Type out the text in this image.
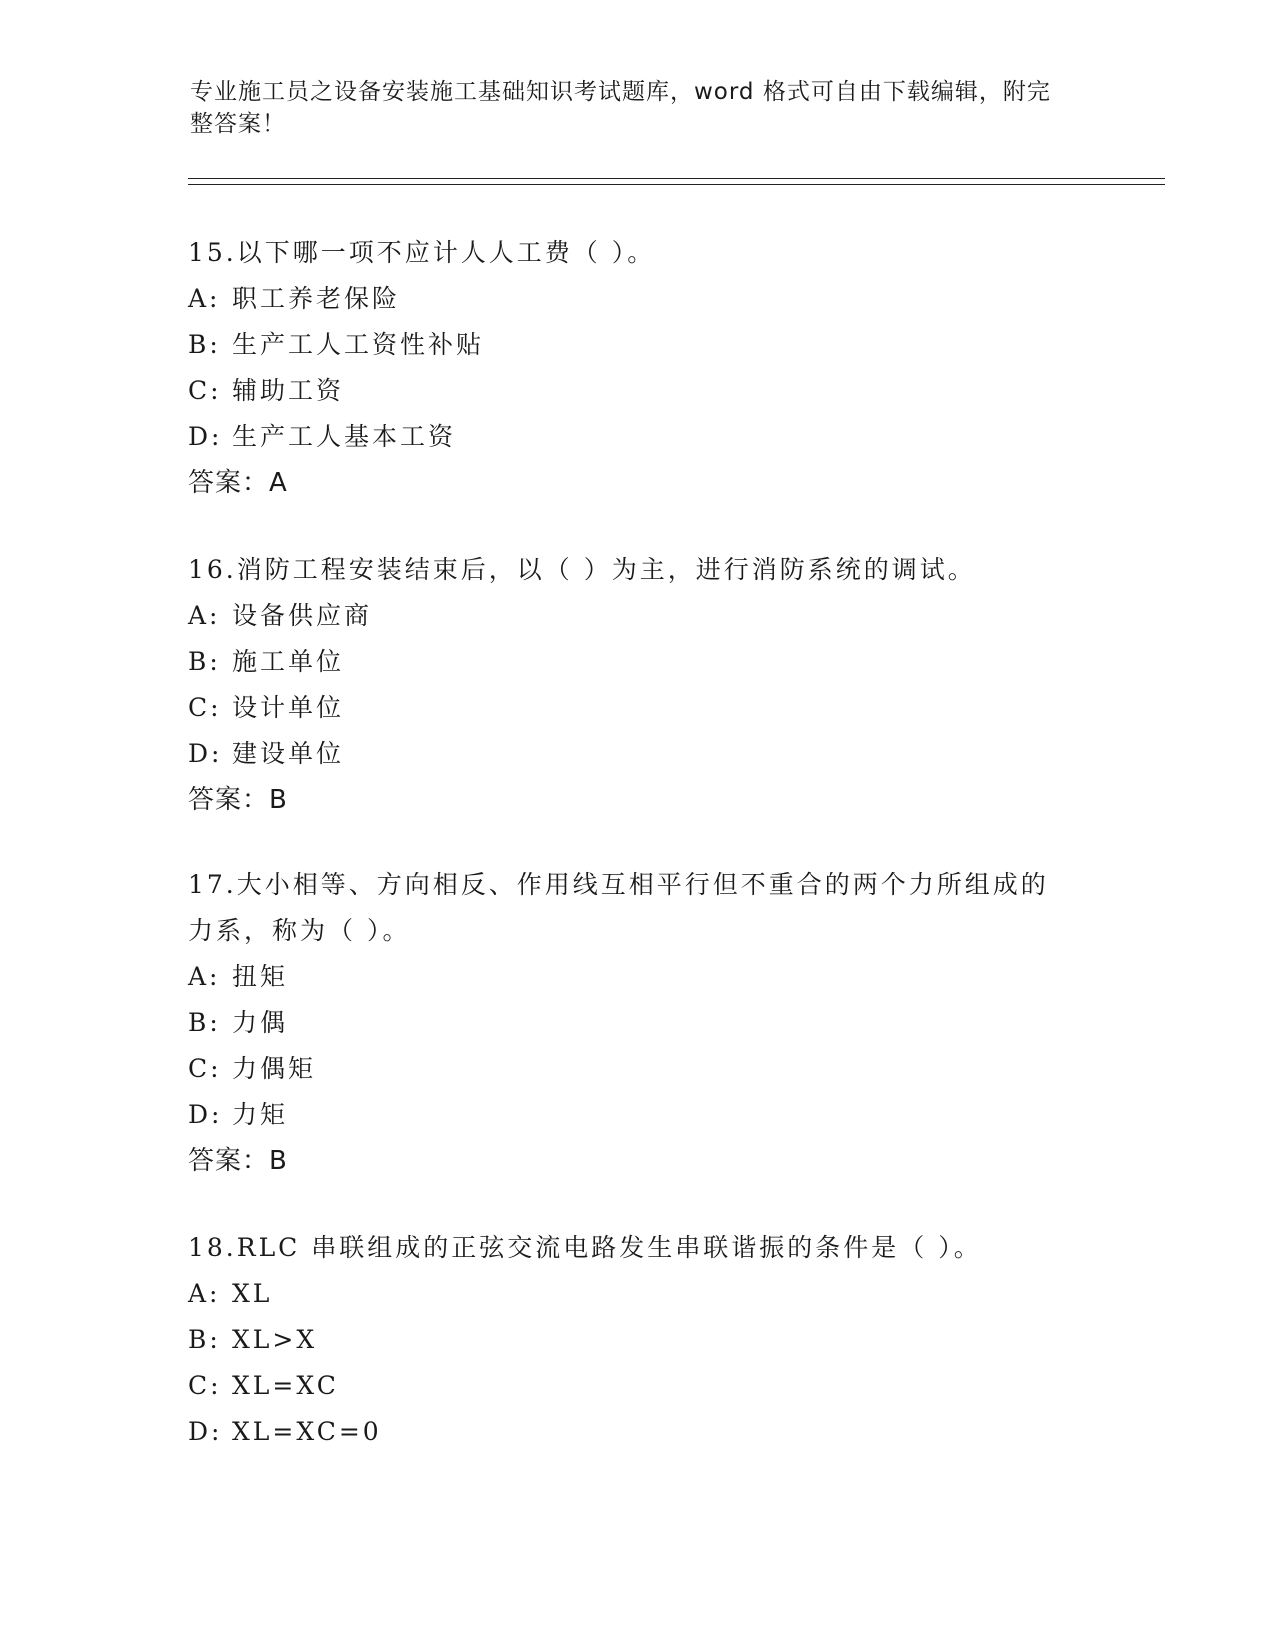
专业施工员之设备安装施工基础知识考试题库，word 格式可自由下载编辑，附完
整答案！
15.以下哪一项不应计人人工费（ ）。
A: 职工养老保险
B: 生产工人工资性补贴
C: 辅助工资
D: 生产工人基本工资
答案：A
16.消防工程安装结束后，以（ ）为主，进行消防系统的调试。
A: 设备供应商
B: 施工单位
C: 设计单位
D: 建设单位
答案：B
17.大小相等、方向相反、作用线互相平行但不重合的两个力所组成的
力系，称为（ ）。
A: 扭矩
B: 力偶
C: 力偶矩
D: 力矩
答案：B
18.RLC 串联组成的正弦交流电路发生串联谐振的条件是（ ）。
A: XL
B: XL>X
C: XL=XC
D: XL=XC=0
